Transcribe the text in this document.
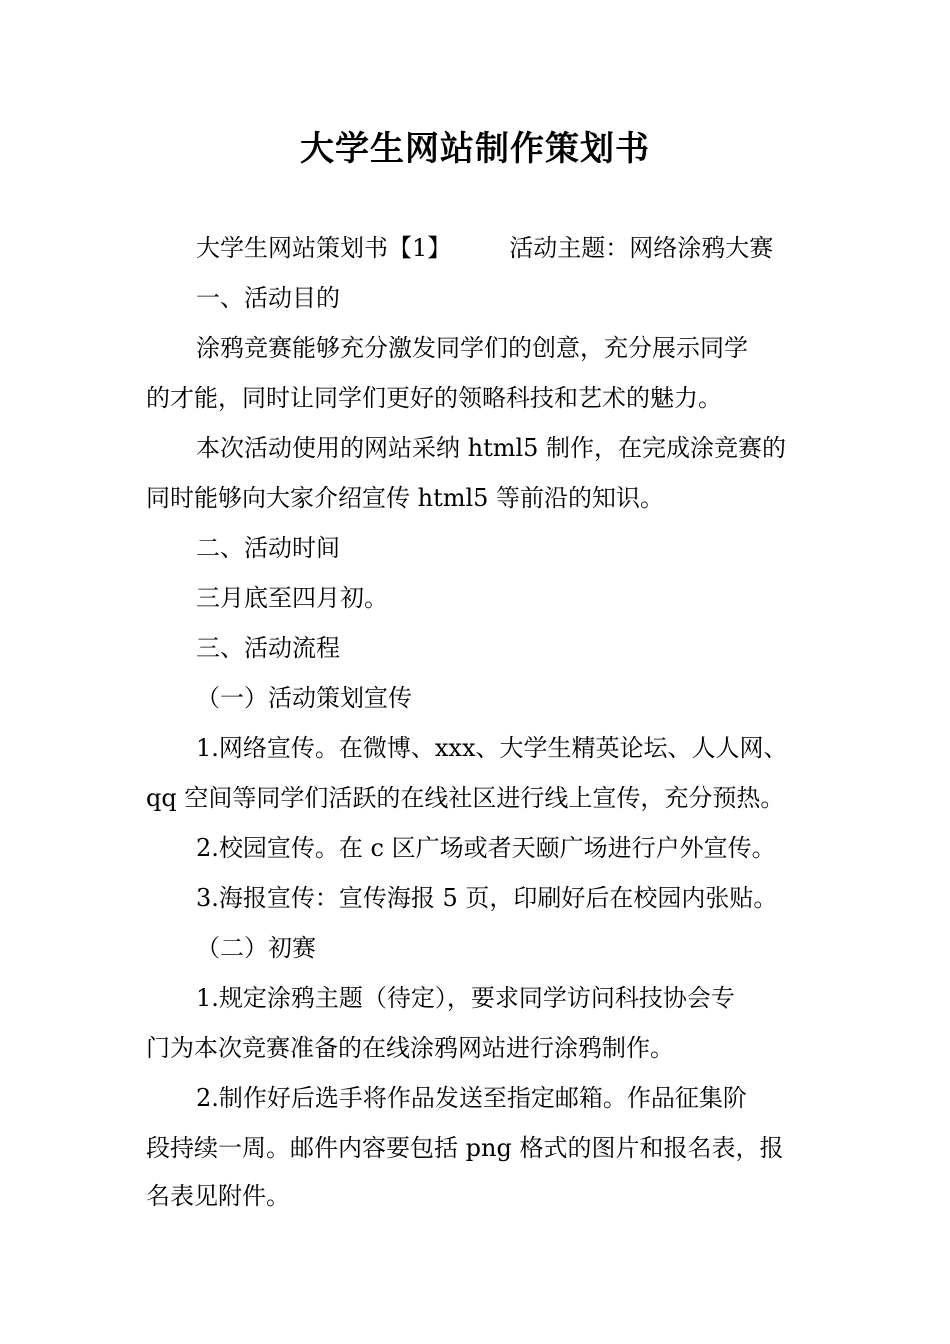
大学生网站制作策划书
大学生网站策划书【1】 活动主题：网络涂鸦大赛
一、活动目的
涂鸦竞赛能够充分激发同学们的创意，充分展示同学
的才能，同时让同学们更好的领略科技和艺术的魅力。
本次活动使用的网站采纳 html5 制作，在完成涂竞赛的
同时能够向大家介绍宣传 html5 等前沿的知识。
二、活动时间
三月底至四月初。
三、活动流程
（一）活动策划宣传
1.网络宣传。在微博、xxx、大学生精英论坛、人人网、
qq 空间等同学们活跃的在线社区进行线上宣传，充分预热。
2.校园宣传。在 c 区广场或者天颐广场进行户外宣传。
3.海报宣传：宣传海报 5 页，印刷好后在校园内张贴。
（二）初赛
1.规定涂鸦主题（待定），要求同学访问科技协会专
门为本次竞赛准备的在线涂鸦网站进行涂鸦制作。
2.制作好后选手将作品发送至指定邮箱。作品征集阶
段持续一周。邮件内容要包括 png 格式的图片和报名表，报
名表见附件。
